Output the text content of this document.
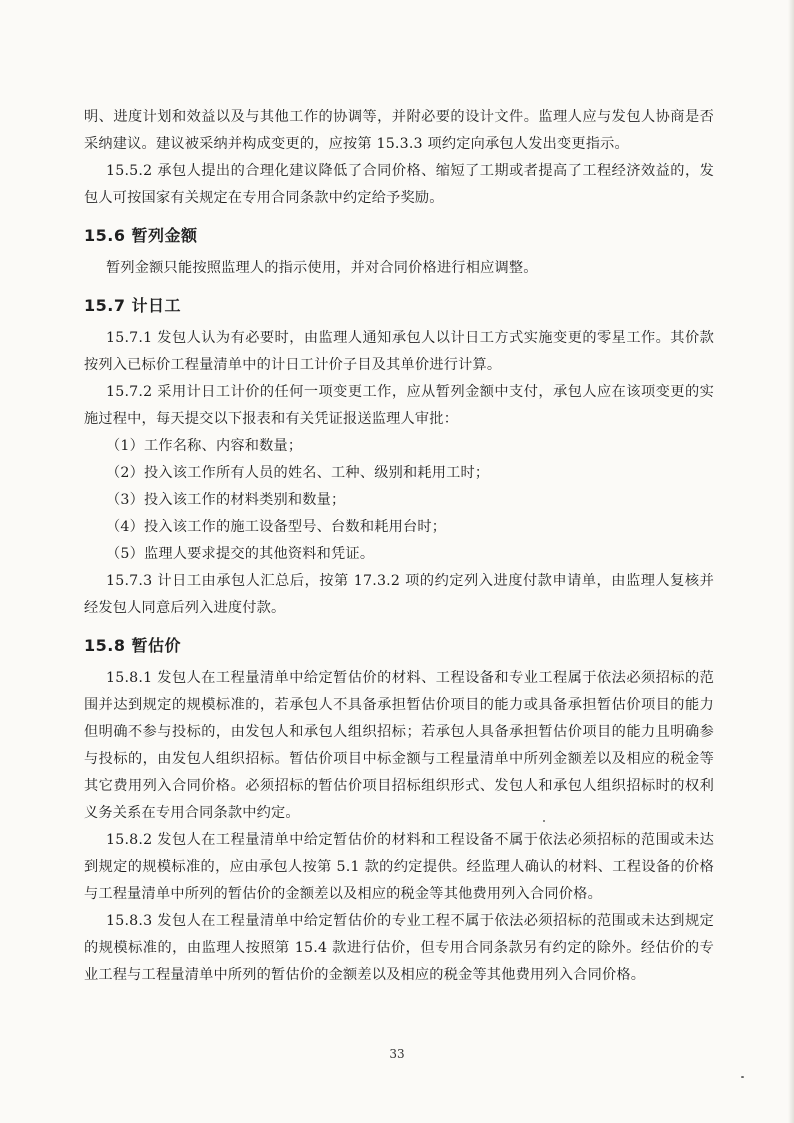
明、进度计划和效益以及与其他工作的协调等，并附必要的设计文件。监理人应与发包人协商是否采纳建议。建议被采纳并构成变更的，应按第 15.3.3 项约定向承包人发出变更指示。

15.5.2 承包人提出的合理化建议降低了合同价格、缩短了工期或者提高了工程经济效益的，发包人可按国家有关规定在专用合同条款中约定给予奖励。

15.6 暂列金额

暂列金额只能按照监理人的指示使用，并对合同价格进行相应调整。

15.7 计日工

15.7.1 发包人认为有必要时，由监理人通知承包人以计日工方式实施变更的零星工作。其价款按列入已标价工程量清单中的计日工计价子目及其单价进行计算。

15.7.2 采用计日工计价的任何一项变更工作，应从暂列金额中支付，承包人应在该项变更的实施过程中，每天提交以下报表和有关凭证报送监理人审批：

（1）工作名称、内容和数量；

（2）投入该工作所有人员的姓名、工种、级别和耗用工时；

（3）投入该工作的材料类别和数量；

（4）投入该工作的施工设备型号、台数和耗用台时；

（5）监理人要求提交的其他资料和凭证。

15.7.3 计日工由承包人汇总后，按第 17.3.2 项的约定列入进度付款申请单，由监理人复核并经发包人同意后列入进度付款。

15.8 暂估价

15.8.1 发包人在工程量清单中给定暂估价的材料、工程设备和专业工程属于依法必须招标的范围并达到规定的规模标准的，若承包人不具备承担暂估价项目的能力或具备承担暂估价项目的能力但明确不参与投标的，由发包人和承包人组织招标；若承包人具备承担暂估价项目的能力且明确参与投标的，由发包人组织招标。暂估价项目中标金额与工程量清单中所列金额差以及相应的税金等其它费用列入合同价格。必须招标的暂估价项目招标组织形式、发包人和承包人组织招标时的权利义务关系在专用合同条款中约定。

15.8.2 发包人在工程量清单中给定暂估价的材料和工程设备不属于依法必须招标的范围或未达到规定的规模标准的，应由承包人按第 5.1 款的约定提供。经监理人确认的材料、工程设备的价格与工程量清单中所列的暂估价的金额差以及相应的税金等其他费用列入合同价格。

15.8.3 发包人在工程量清单中给定暂估价的专业工程不属于依法必须招标的范围或未达到规定的规模标准的，由监理人按照第 15.4 款进行估价，但专用合同条款另有约定的除外。经估价的专业工程与工程量清单中所列的暂估价的金额差以及相应的税金等其他费用列入合同价格。

33
